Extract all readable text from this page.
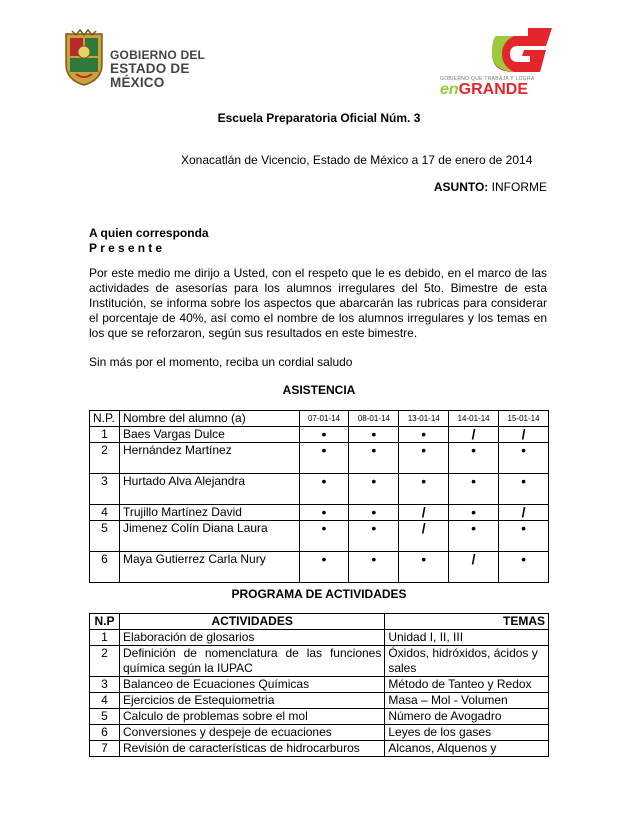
GOBIERNO DEL
ESTADO DE MÉXICO	GOBIERNO QUE TRABAJA Y LOGRA
enGRANDE
Escuela Preparatoria Oficial Núm. 3
Xonacatlán de Vicencio, Estado de México a 17 de enero de 2014
ASUNTO: INFORME
A quien corresponda
Presente
Por este medio me dirijo a Usted, con el respeto que le es debido, en el marco de las actividades de asesorías para los alumnos irregulares del 5to. Bimestre de esta Institución, se informa sobre los aspectos que abarcarán las rubricas para considerar el porcentaje de 40%, así como el nombre de los alumnos irregulares y los temas en los que se reforzaron, según sus resultados en este bimestre.
Sin más por el momento, reciba un cordial saludo
ASISTENCIA
N.P.	Nombre del alumno (a)	07-01-14	08-01-14	13-01-14	14-01-14	15-01-14
1	Baes Vargas Dulce	•	•	•	/	/
2	Hernández Martínez	•	•	•	•	•
3	Hurtado Alva Alejandra	•	•	•	•	•
4	Trujillo Martínez David	•	•	/	•	/
5	Jimenez Colín Diana Laura	•	•	/	•	•
6	Maya Gutierrez Carla Nury	•	•	•	/	•
PROGRAMA DE ACTIVIDADES
N.P	ACTIVIDADES	TEMAS
1	Elaboración de glosarios	Unidad I, II, III
2	Definición de nomenclatura de las funciones química según la IUPAC	Óxidos, hidróxidos, ácidos y sales
3	Balanceo de Ecuaciones Químicas	Método de Tanteo y Redox
4	Ejercicios de Estequiometria	Masa – Mol - Volumen
5	Calculo de problemas sobre el mol	Número de Avogadro
6	Conversiones y despeje de ecuaciones	Leyes de los gases
7	Revisión de características de hidrocarburos	Alcanos, Alquenos y
